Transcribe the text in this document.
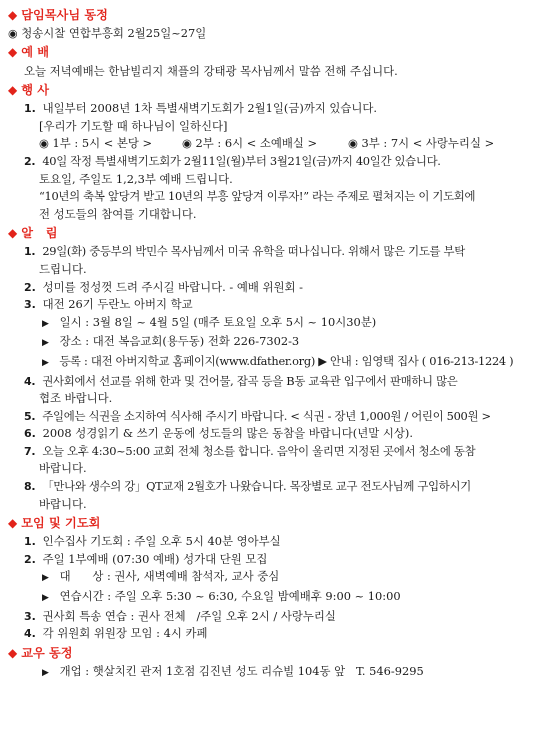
◆ 담임목사님 동정
◉ 청송시찰 연합부흥회 2월25일~27일
◆ 예 배
오늘 저녁예배는 한남빌리지 채플의 강태광 목사님께서 말씀 전해 주십니다.
◆ 행 사
1. 내일부터 2008년 1차 특별새벽기도회가 2월1일(금)까지 있습니다.
[우리가 기도할 때 하나님이 일하신다]
◉ 1부 : 5시 < 본당 >	◉ 2부 : 6시 < 소예배실 >	◉ 3부 : 7시 < 사랑누리실 >
2. 40일 작정 특별새벽기도회가 2월11일(월)부터 3월21일(금)까지 40일간 있습니다.
토요일, 주일도 1,2,3부 예배 드립니다.
“10년의 축복 앞당겨 받고 10년의 부흥 앞당겨 이루자!” 라는 주제로 펼쳐지는 이 기도회에
전 성도들의 참여를 기대합니다.
◆ 알   림
1. 29일(화) 중등부의 박민수 목사님께서 미국 유학을 떠나십니다. 위해서 많은 기도를 부탁
드립니다.
2. 성미를 정성껏 드려 주시길 바랍니다. - 예배 위원회 -
3. 대전 26기 두란노 아버지 학교
▶ 일시 : 3월 8일 ~ 4월 5일 (매주 토요일 오후 5시 ~ 10시30분)
▶ 장소 : 대전 복음교회(용두동) 전화 226-7302-3
▶ 등록 : 대전 아버지학교 홈페이지(www.dfather.org) ▶ 안내 : 임영택 집사 ( 016-213-1224 )
4. 권사회에서 선교를 위해 한과 및 건어물, 잡곡 등을 B동 교육관 입구에서 판매하니 많은
협조 바랍니다.
5. 주일에는 식권을 소지하여 식사해 주시기 바랍니다. < 식권 - 장년 1,000원 / 어린이 500원 >
6. 2008 성경읽기 & 쓰기 운동에 성도들의 많은 동참을 바랍니다(년말 시상).
7. 오늘 오후 4:30~5:00 교회 전체 청소를 합니다. 음악이 울리면 지정된 곳에서 청소에 동참
바랍니다.
8. 「만나와 생수의 강」QT교재 2월호가 나왔습니다. 목장별로 교구 전도사님께 구입하시기
바랍니다.
◆ 모임 및 기도회
1. 인수집사 기도회 : 주일 오후 5시 40분 영아부실
2. 주일 1부예배 (07:30 예배) 성가대 단원 모집
▶ 대      상 : 권사, 새벽예배 참석자, 교사 중심
▶ 연습시간 : 주일 오후 5:30 ~ 6:30, 수요일 밤예배후 9:00 ~ 10:00
3. 권사회 특송 연습 : 권사 전체   /주일 오후 2시 / 사랑누리실
4. 각 위원회 위원장 모임 : 4시 카페
◆ 교우 동정
▶ 개업 : 햇살치킨 관저 1호점 김진년 성도 리슈빌 104동 앞   T. 546-9295
